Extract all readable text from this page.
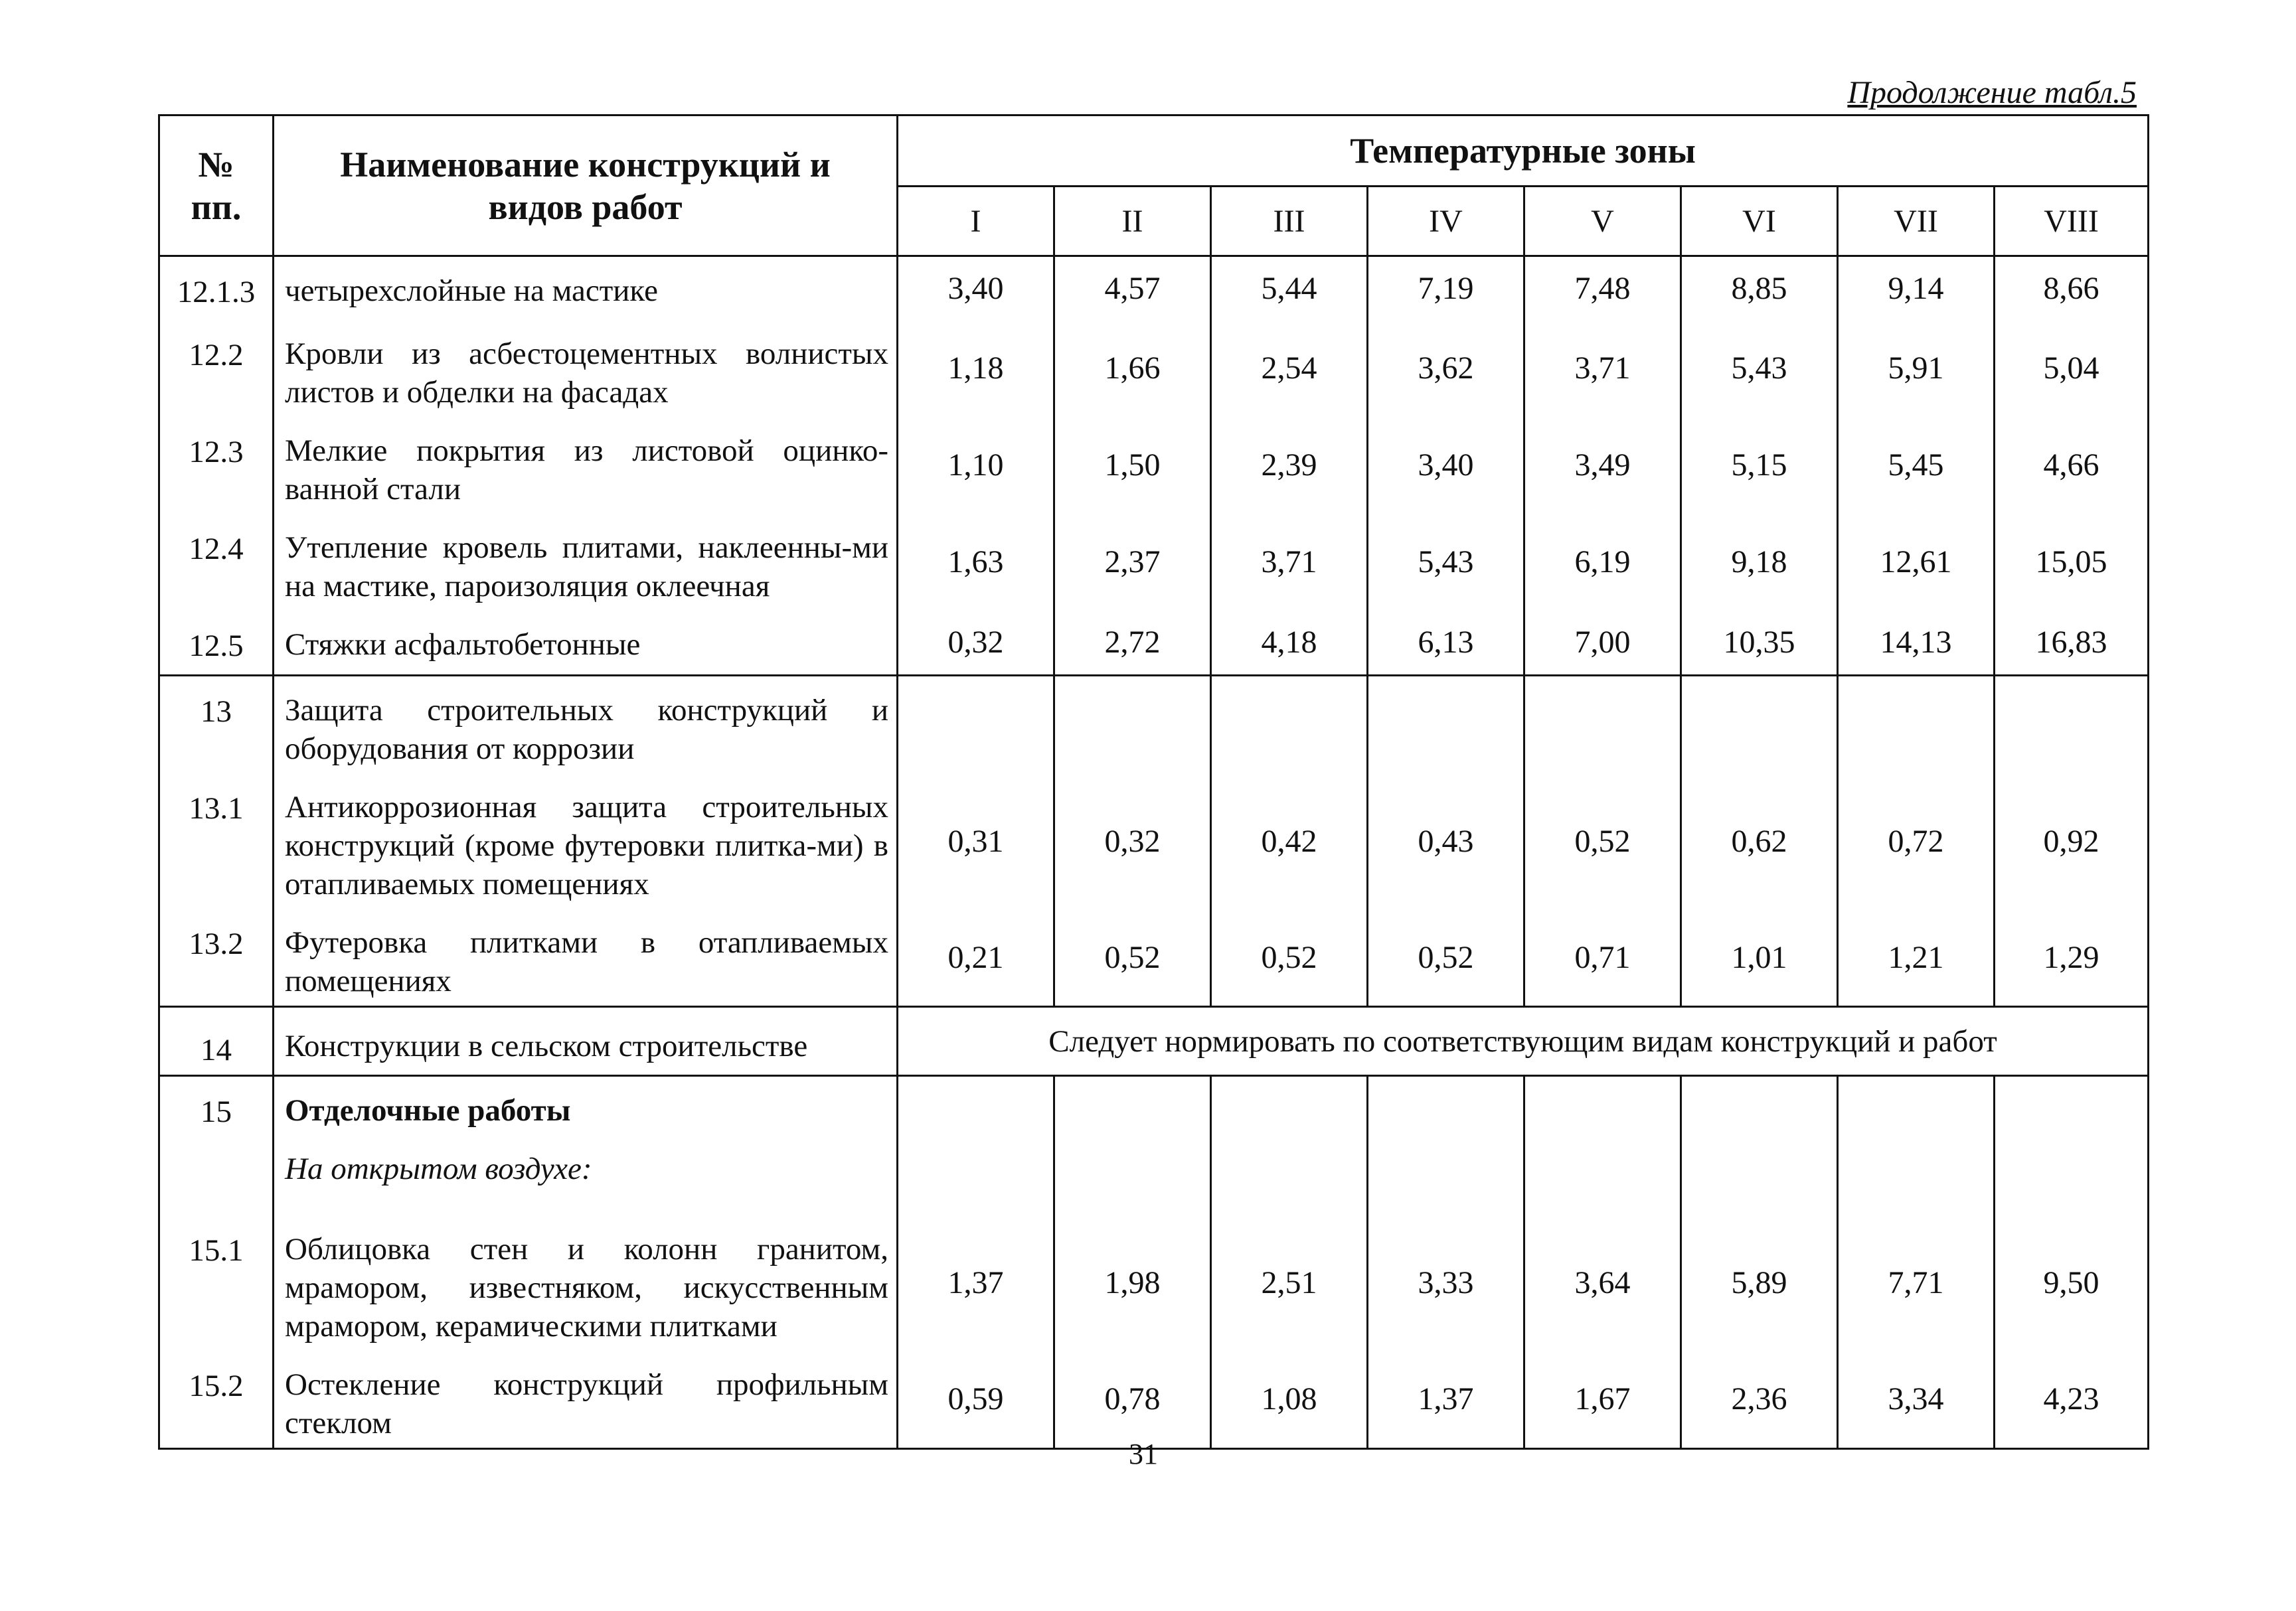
Продолжение табл.5
№ пп.	Наименование конструкций и видов работ	Температурные зоны							
		I	II	III	IV	V	VI	VII	VIII
12.1.3	четырехслойные на мастике	3,40	4,57	5,44	7,19	7,48	8,85	9,14	8,66
12.2	Кровли из асбестоцементных волнистых листов и обделки на фасадах	1,18	1,66	2,54	3,62	3,71	5,43	5,91	5,04
12.3	Мелкие покрытия из листовой оцинко-ванной стали	1,10	1,50	2,39	3,40	3,49	5,15	5,45	4,66
12.4	Утепление кровель плитами, наклеенны-ми на мастике, пароизоляция оклеечная	1,63	2,37	3,71	5,43	6,19	9,18	12,61	15,05
12.5	Стяжки асфальтобетонные	0,32	2,72	4,18	6,13	7,00	10,35	14,13	16,83
13	Защита строительных конструкций и оборудования от коррозии								
13.1	Антикоррозионная защита строительных конструкций (кроме футеровки плитка-ми) в отапливаемых помещениях	0,31	0,32	0,42	0,43	0,52	0,62	0,72	0,92
13.2	Футеровка плитками в отапливаемых помещениях	0,21	0,52	0,52	0,52	0,71	1,01	1,21	1,29
14	Конструкции в сельском строительстве	Следует нормировать по соответствующим видам конструкций и работ							
15	Отделочные работы
На открытом воздухе:								

15.1	Облицовка стен и колонн гранитом, мрамором, известняком, искусственным мрамором, керамическими плитками	1,37	1,98	2,51	3,33	3,64	5,89	7,71	9,50
15.2	Остекление конструкций профильным стеклом	0,59	0,78	1,08	1,37	1,67	2,36	3,34	4,23
31
